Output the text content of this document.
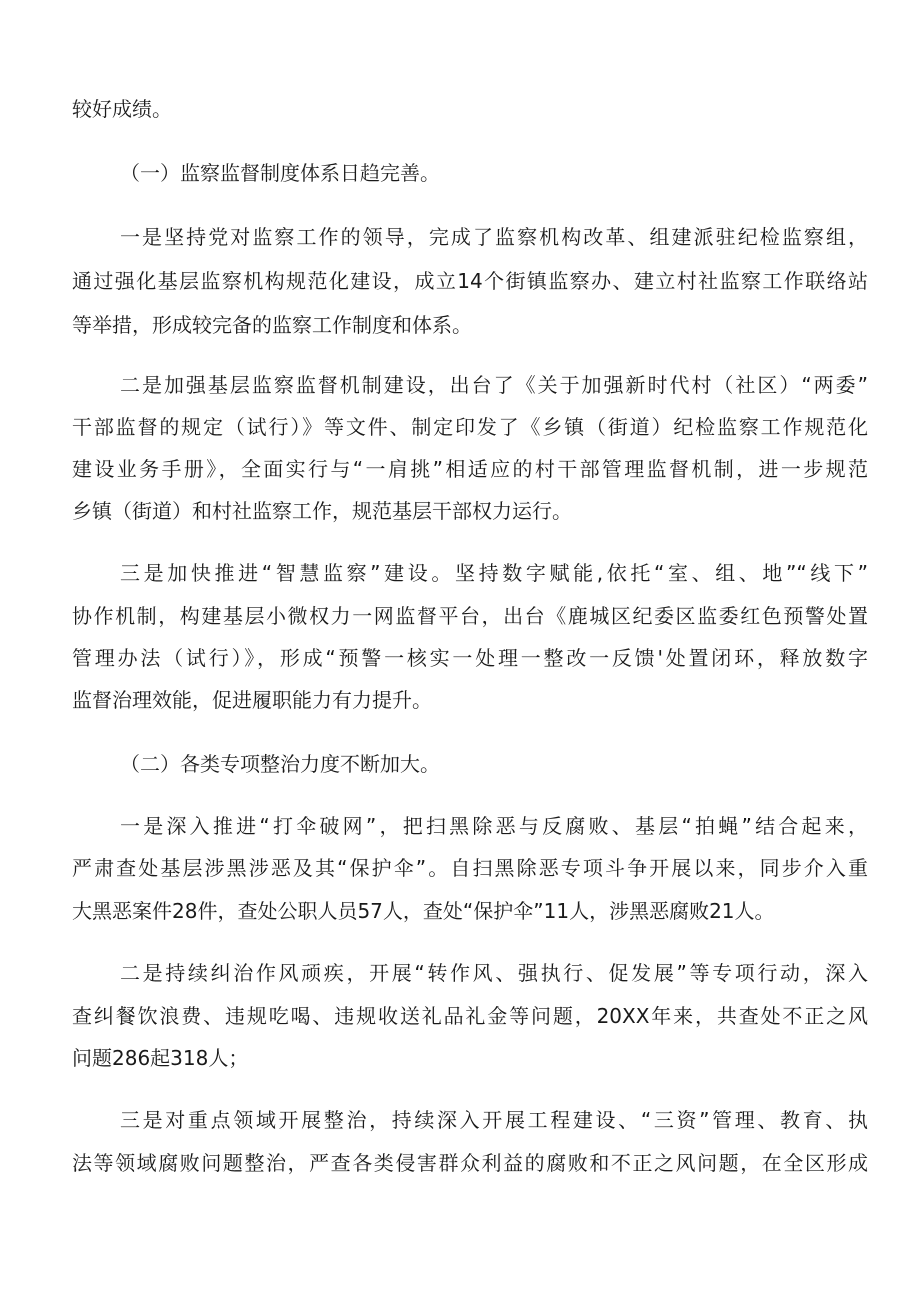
较好成绩。
（一）监察监督制度体系日趋完善。
一是坚持党对监察工作的领导，完成了监察机构改革、组建派驻纪检监察组，
通过强化基层监察机构规范化建设，成立14个街镇监察办、建立村社监察工作联络站
等举措，形成较完备的监察工作制度和体系。
二是加强基层监察监督机制建设，出台了《关于加强新时代村（社区）“两委”
干部监督的规定（试行）》等文件、制定印发了《乡镇（街道）纪检监察工作规范化
建设业务手册》，全面实行与“一肩挑”相适应的村干部管理监督机制，进一步规范
乡镇（街道）和村社监察工作，规范基层干部权力运行。
三是加快推进“智慧监察”建设。坚持数字赋能,依托“室、组、地”“线下”
协作机制，构建基层小微权力一网监督平台，出台《鹿城区纪委区监委红色预警处置
管理办法（试行）》，形成“预警一核实一处理一整改一反馈'处置闭环，释放数字
监督治理效能，促进履职能力有力提升。
（二）各类专项整治力度不断加大。
一是深入推进“打伞破网”，把扫黑除恶与反腐败、基层“拍蝇”结合起来，
严肃查处基层涉黑涉恶及其“保护伞”。自扫黑除恶专项斗争开展以来，同步介入重
大黑恶案件28件，查处公职人员57人，查处“保护伞”11人，涉黑恶腐败21人。
二是持续纠治作风顽疾，开展“转作风、强执行、促发展”等专项行动，深入
查纠餐饮浪费、违规吃喝、违规收送礼品礼金等问题，20XX年来，共查处不正之风
问题286起318人；
三是对重点领域开展整治，持续深入开展工程建设、“三资”管理、教育、执
法等领域腐败问题整治，严查各类侵害群众利益的腐败和不正之风问题，在全区形成
